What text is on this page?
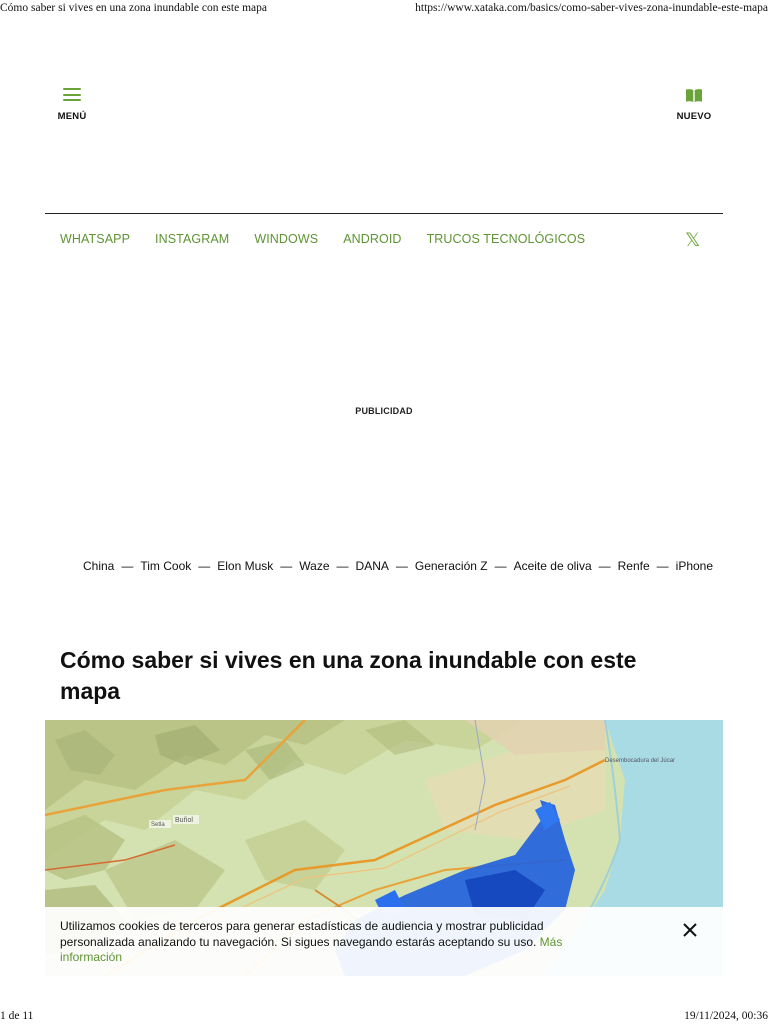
Cómo saber si vives en una zona inundable con este mapa	https://www.xataka.com/basics/como-saber-vives-zona-inundable-este-mapa
MENÚ	NUEVO
WHATSAPP INSTAGRAM WINDOWS ANDROID TRUCOS TECNOLÓGICOS	𝕏
PUBLICIDAD
China — Tim Cook — Elon Musk — Waze — DANA — Generación Z — Aceite de oliva — Renfe — iPhone
Cómo saber si vives en una zona inundable con este mapa
Buñol
Setla
Desembocadura del Júcar
Utilizamos cookies de terceros para generar estadísticas de audiencia y mostrar publicidad personalizada analizando tu navegación. Si sigues navegando estarás aceptando su uso. Más información
1 de 11	19/11/2024, 00:36
